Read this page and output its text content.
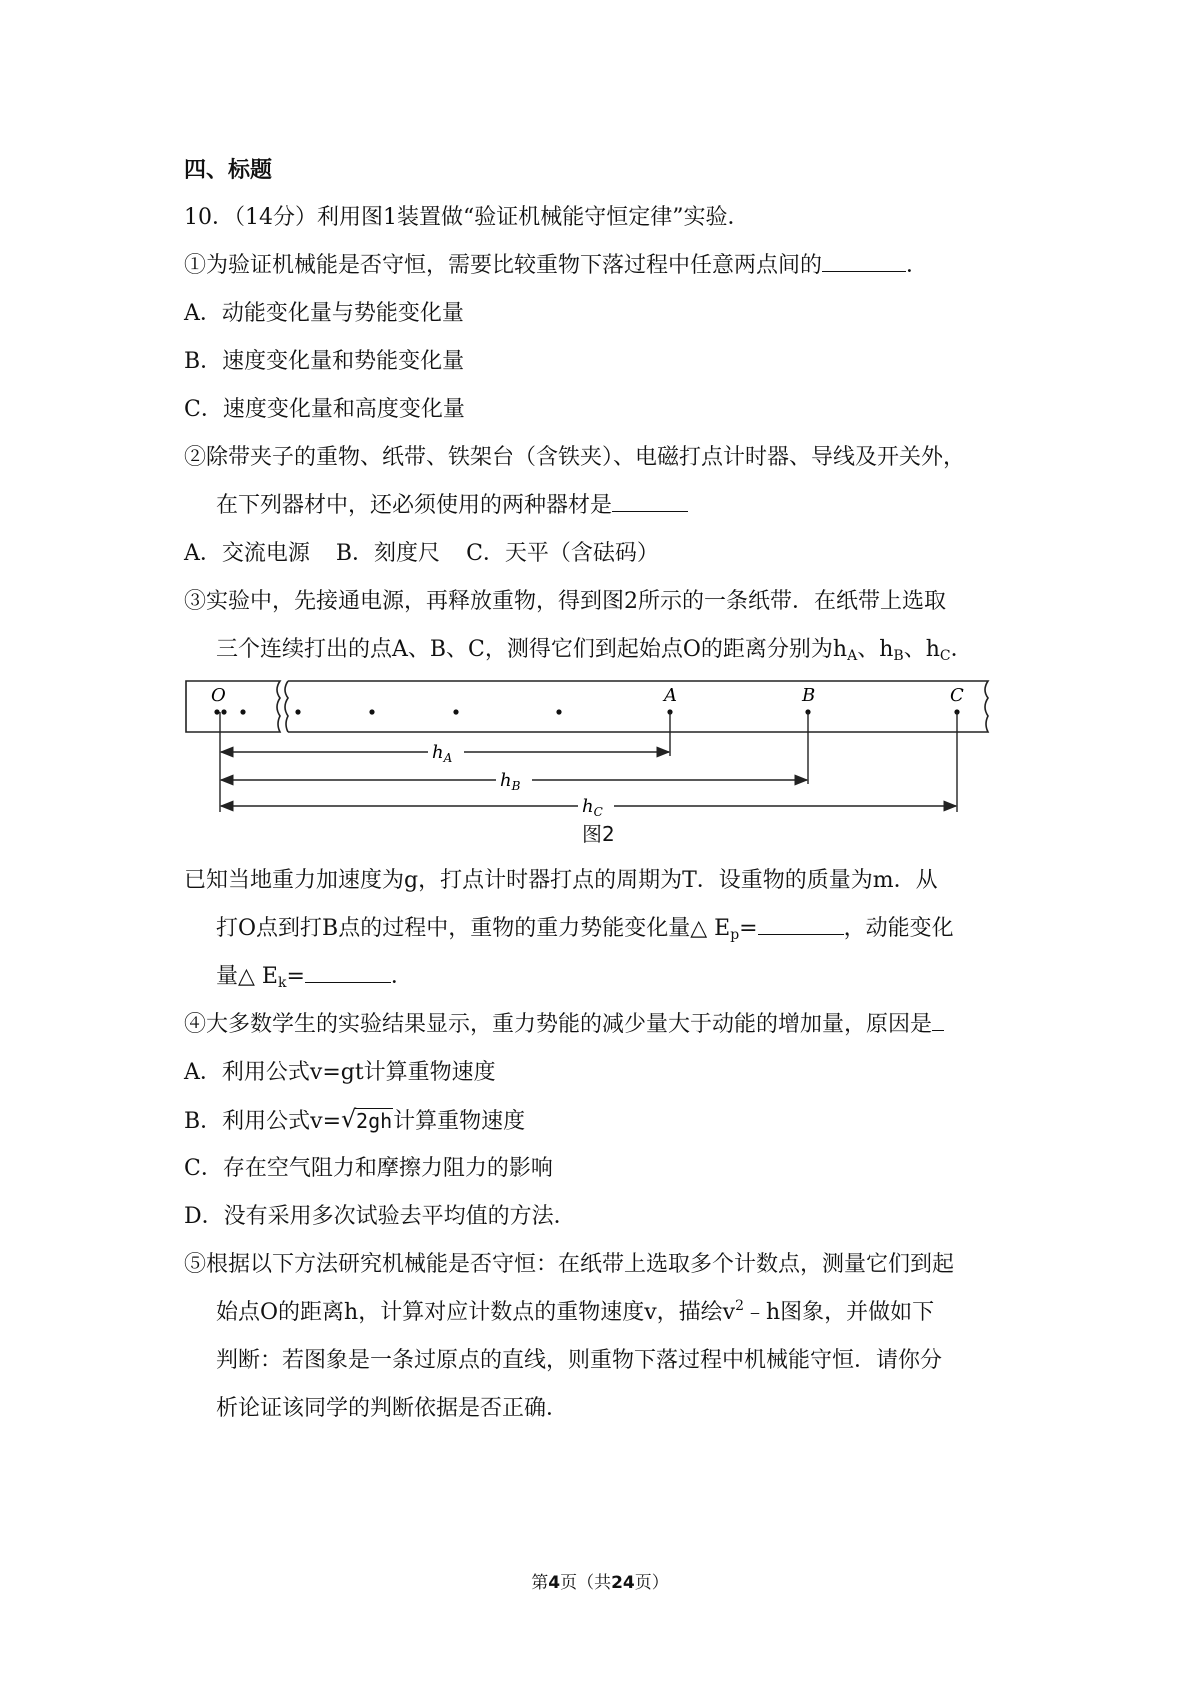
四、标题
10．（14分）利用图1装置做“验证机械能守恒定律”实验．
①为验证机械能是否守恒，需要比较重物下落过程中任意两点间的	．
A．动能变化量与势能变化量
B．速度变化量和势能变化量
C．速度变化量和高度变化量
②除带夹子的重物、纸带、铁架台（含铁夹）、电磁打点计时器、导线及开关外，
在下列器材中，还必须使用的两种器材是
A．交流电源 B．刻度尺 C．天平（含砝码）
③实验中，先接通电源，再释放重物，得到图2所示的一条纸带．在纸带上选取
三个连续打出的点A、B、C，测得它们到起始点O的距离分别为$h_A$、$h_B$、$h_C$．
O	A	B	C
$h_A$
$h_B$
$h_C$
图2
已知当地重力加速度为g，打点计时器打点的周期为T．设重物的质量为m．从
打O点到打B点的过程中，重物的重力势能变化量△ $E_p=$	，动能变化
量△ $E_k=$	．
④大多数学生的实验结果显示，重力势能的减少量大于动能的增加量，原因是
A．利用公式v=gt计算重物速度
B．利用公式v= √ 2gh计算重物速度
C．存在空气阻力和摩擦力阻力的影响
D．没有采用多次试验去平均值的方法．
⑤根据以下方法研究机械能是否守恒：在纸带上选取多个计数点，测量它们到起
始点O的距离h，计算对应计数点的重物速度v，描绘$v^2﹣h$图象，并做如下
判断：若图象是一条过原点的直线，则重物下落过程中机械能守恒．请你分
析论证该同学的判断依据是否正确．
第4页（共24页）
